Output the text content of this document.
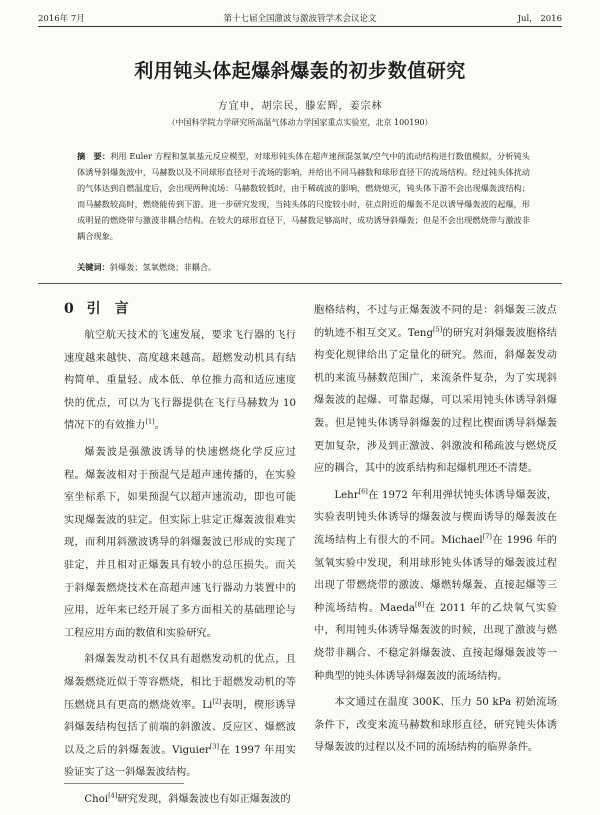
2016年 7月	第十七届全国激波与激波管学术会议论文	Jul， 2016
利用钝头体起爆斜爆轰的初步数值研究
方宜申，胡宗民，滕宏辉，姜宗林
（中国科学院力学研究所高温气体动力学国家重点实验室，北京 100190）

摘　要：利用 Euler 方程和氢氧基元反应模型，对球形钝头体在超声速预混氢氧/空气中的流动结构进行数值模拟，分析钝头体诱导斜爆轰波中，马赫数以及不同球形直径对于流场的影响，并给出不同马赫数和球形直径下的流场结构。经过钝头体扰动的气体达到自燃温度后，会出现两种流场：马赫数较低时，由于稀疏波的影响，燃烧熄灭，钝头体下游不会出现爆轰波结构；而马赫数较高时，燃烧能传到下游。进一步研究发现，当钝头体的尺度较小时，驻点附近的爆轰不足以诱导爆轰波的起爆，形成明显的燃烧带与激波非耦合结构。在较大的球形直径下，马赫数足够高时，成功诱导斜爆轰；但是不会出现燃烧带与激波非耦合现象。

关键词：斜爆轰；氢氧燃烧；非耦合。

0 引　言

航空航天技术的飞速发展，要求飞行器的飞行速度越来越快、高度越来越高。超燃发动机具有结构简单、重量轻、成本低、单位推力高和适应速度快的优点，可以为飞行器提供在飞行马赫数为 10 情况下的有效推力[1]。

爆轰波是强激波诱导的快速燃烧化学反应过程。爆轰波相对于预混气是超声速传播的，在实验室坐标系下，如果预混气以超声速流动，即也可能实现爆轰波的驻定。但实际上驻定正爆轰波很难实现，而利用斜激波诱导的斜爆轰波已形成的实现了驻定，并且相对正爆轰具有较小的总压损失。而关于斜爆轰燃烧技术在高超声速飞行器动力装置中的应用，近年来已经开展了多方面相关的基础理论与工程应用方面的数值和实验研究。

斜爆轰发动机不仅具有超燃发动机的优点，且爆轰燃烧近似于等容燃烧，相比于超燃发动机的等压燃烧具有更高的燃烧效率。Li[2]表明，楔形诱导斜爆轰结构包括了前端的斜激波、反应区、爆燃波以及之后的斜爆轰波。Viguier[3]在 1997 年用实验证实了这一斜爆轰波结构。

Choi[4]研究发现，斜爆轰波也有如正爆轰波的

胞格结构，不过与正爆轰波不同的是：斜爆轰三波点的轨迹不相互交叉。Teng[5]的研究对斜爆轰波胞格结构变化规律给出了定量化的研究。然而，斜爆轰发动机的来流马赫数范围广，来流条件复杂，为了实现斜爆轰波的起爆、可靠起爆，可以采用钝头体诱导斜爆轰。但是钝头体诱导斜爆轰的过程比楔面诱导斜爆轰更加复杂，涉及到正激波、斜激波和稀疏波与燃烧反应的耦合，其中的波系结构和起爆机理还不清楚。

Lehr[6]在 1972 年利用弹状钝头体诱导爆轰波，实验表明钝头体诱导的爆轰波与楔面诱导的爆轰波在流场结构上有很大的不同。Michael[7]在 1996 年的氢氧实验中发现，利用球形钝头体诱导的爆轰波过程出现了带燃烧带的激波、爆燃转爆轰、直接起爆等三种流场结构。Maeda[8]在 2011 年的乙炔氧气实验中，利用钝头体诱导爆轰波的时候，出现了激波与燃烧带非耦合、不稳定斜爆轰波、直接起爆爆轰波等一种典型的钝头体诱导斜爆轰波的流场结构。

本文通过在温度 300K、压力 50 kPa 初始流场条件下，改变来流马赫数和球形直径，研究钝头体诱导爆轰波的过程以及不同的流场结构的临界条件。
